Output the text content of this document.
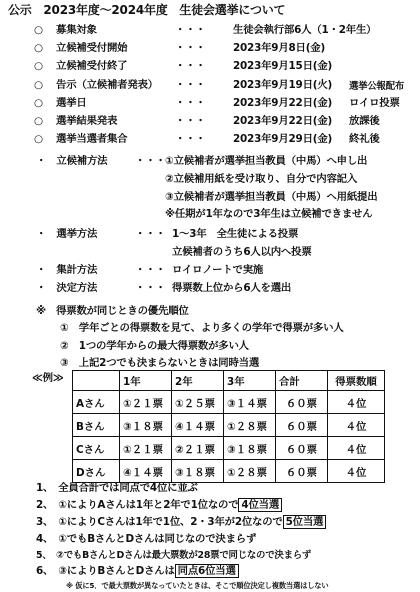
公示　2023年度～2024年度　生徒会選挙について
○ 募集対象	・・・	生徒会執行部6人（1・2年生）
○ 立候補受付開始	・・・	2023年9月8日(金)
○ 立候補受付終了	・・・	2023年9月15日(金)
○ 告示（立候補者発表） ・・・	2023年9月19日(火) 選挙公報配布
○ 選挙日	・・・	2023年9月22日(金) ロイロ投票
○ 選挙結果発表	・・・	2023年9月22日(金) 放課後
○ 選挙当選者集合	・・・	2023年9月29日(金) 終礼後
・　立候補方法	・・・ ①立候補者が選挙担当教員（中馬）へ申し出
②立候補用紙を受け取り、自分で内容記入
③立候補者が選挙担当教員（中馬）へ用紙提出
※任期が1年なので3年生は立候補できません
・　選挙方法	・・・ 1～3年　全生徒による投票
立候補者のうち6人以内へ投票
・　集計方法	・・・ ロイロノートで実施
・　決定方法	・・・ 得票数上位から6人を選出
※　得票数が同じときの優先順位
①　学年ごとの得票数を見て、より多くの学年で得票が多い人
②　1つの学年からの最大得票数が多い人
③　上記2つでも決まらないときは同時当選
≪例≫
		1年	2年	3年	合計	得票数順
Aさん	①２１票	①２５票	③１４票	６０票	４位
Bさん	③１８票	④１４票	①２８票	６０票	４位
Cさん	①２１票	②２１票	③１８票	６０票	４位
Dさん	④１４票	③１８票	①２８票	６０票	４位
1、　全員合計では同点で4位に並ぶ
2、　①によりAさんは1年と2年で1位なので 4位当選
3、　①によりCさんは1年で1位、2・3年が2位なので 5位当選
4、　①でもBさんとDさんは同じなので決まらず
5、　②でもBさんとDさんは最大票数が28票で同じなので決まらず
6、　③によりBさんとDさんは 同点6位当選
※ 仮に5．で最大票数が異なっていたときは、そこで順位決定し複数当選はしない
